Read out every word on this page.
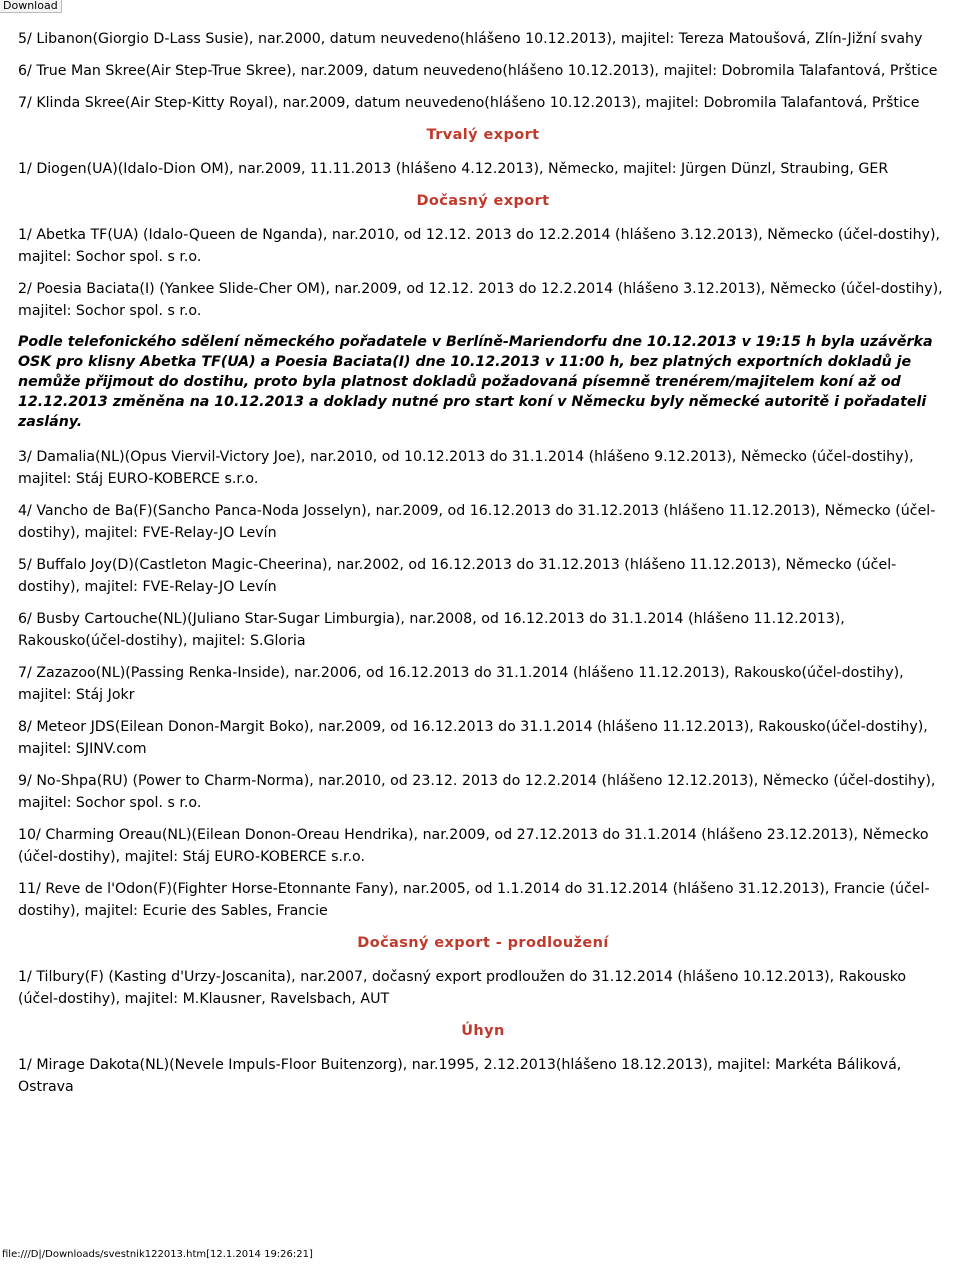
Download

5/ Libanon(Giorgio D-Lass Susie), nar.2000, datum neuvedeno(hlášeno 10.12.2013), majitel: Tereza Matoušová, Zlín-Jižní svahy

6/ True Man Skree(Air Step-True Skree), nar.2009, datum neuvedeno(hlášeno 10.12.2013), majitel: Dobromila Talafantová, Prštice

7/ Klinda Skree(Air Step-Kitty Royal), nar.2009, datum neuvedeno(hlášeno 10.12.2013), majitel: Dobromila Talafantová, Prštice

Trvalý export

1/ Diogen(UA)(Idalo-Dion OM), nar.2009, 11.11.2013 (hlášeno 4.12.2013), Německo, majitel: Jürgen Dünzl, Straubing, GER

Dočasný export

1/ Abetka TF(UA) (Idalo-Queen de Nganda), nar.2010, od 12.12. 2013 do 12.2.2014 (hlášeno 3.12.2013), Německo (účel-dostihy), majitel: Sochor spol. s r.o.

2/ Poesia Baciata(I) (Yankee Slide-Cher OM), nar.2009, od 12.12. 2013 do 12.2.2014 (hlášeno 3.12.2013), Německo (účel-dostihy), majitel: Sochor spol. s r.o.

Podle telefonického sdělení německého pořadatele v Berlíně-Mariendorfu dne 10.12.2013 v 19:15 h byla uzávěrka OSK pro klisny Abetka TF(UA) a Poesia Baciata(I) dne 10.12.2013 v 11:00 h, bez platných exportních dokladů je nemůže přijmout do dostihu, proto byla platnost dokladů požadovaná písemně trenérem/majitelem koní až od 12.12.2013 změněna na 10.12.2013 a doklady nutné pro start koní v Německu byly německé autoritě i pořadateli zaslány.

3/ Damalia(NL)(Opus Viervil-Victory Joe), nar.2010, od 10.12.2013 do 31.1.2014 (hlášeno 9.12.2013), Německo (účel-dostihy), majitel: Stáj EURO-KOBERCE s.r.o.

4/ Vancho de Ba(F)(Sancho Panca-Noda Josselyn), nar.2009, od 16.12.2013 do 31.12.2013 (hlášeno 11.12.2013), Německo (účel-dostihy), majitel: FVE-Relay-JO Levín

5/ Buffalo Joy(D)(Castleton Magic-Cheerina), nar.2002, od 16.12.2013 do 31.12.2013 (hlášeno 11.12.2013), Německo (účel-dostihy), majitel: FVE-Relay-JO Levín

6/ Busby Cartouche(NL)(Juliano Star-Sugar Limburgia), nar.2008, od 16.12.2013 do 31.1.2014 (hlášeno 11.12.2013), Rakousko(účel-dostihy), majitel: S.Gloria

7/ Zazazoo(NL)(Passing Renka-Inside), nar.2006, od 16.12.2013 do 31.1.2014 (hlášeno 11.12.2013), Rakousko(účel-dostihy), majitel: Stáj Jokr

8/ Meteor JDS(Eilean Donon-Margit Boko), nar.2009, od 16.12.2013 do 31.1.2014 (hlášeno 11.12.2013), Rakousko(účel-dostihy), majitel: SJINV.com

9/ No-Shpa(RU) (Power to Charm-Norma), nar.2010, od 23.12. 2013 do 12.2.2014 (hlášeno 12.12.2013), Německo (účel-dostihy), majitel: Sochor spol. s r.o.

10/ Charming Oreau(NL)(Eilean Donon-Oreau Hendrika), nar.2009, od 27.12.2013 do 31.1.2014 (hlášeno 23.12.2013), Německo (účel-dostihy), majitel: Stáj EURO-KOBERCE s.r.o.

11/ Reve de l'Odon(F)(Fighter Horse-Etonnante Fany), nar.2005, od 1.1.2014 do 31.12.2014 (hlášeno 31.12.2013), Francie (účel-dostihy), majitel: Ecurie des Sables, Francie

Dočasný export - prodloužení

1/ Tilbury(F) (Kasting d'Urzy-Joscanita), nar.2007, dočasný export prodloužen do 31.12.2014 (hlášeno 10.12.2013), Rakousko (účel-dostihy), majitel: M.Klausner, Ravelsbach, AUT

Úhyn

1/ Mirage Dakota(NL)(Nevele Impuls-Floor Buitenzorg), nar.1995, 2.12.2013(hlášeno 18.12.2013), majitel: Markéta Báliková, Ostrava

file:///D|/Downloads/svestnik122013.htm[12.1.2014 19:26:21]
